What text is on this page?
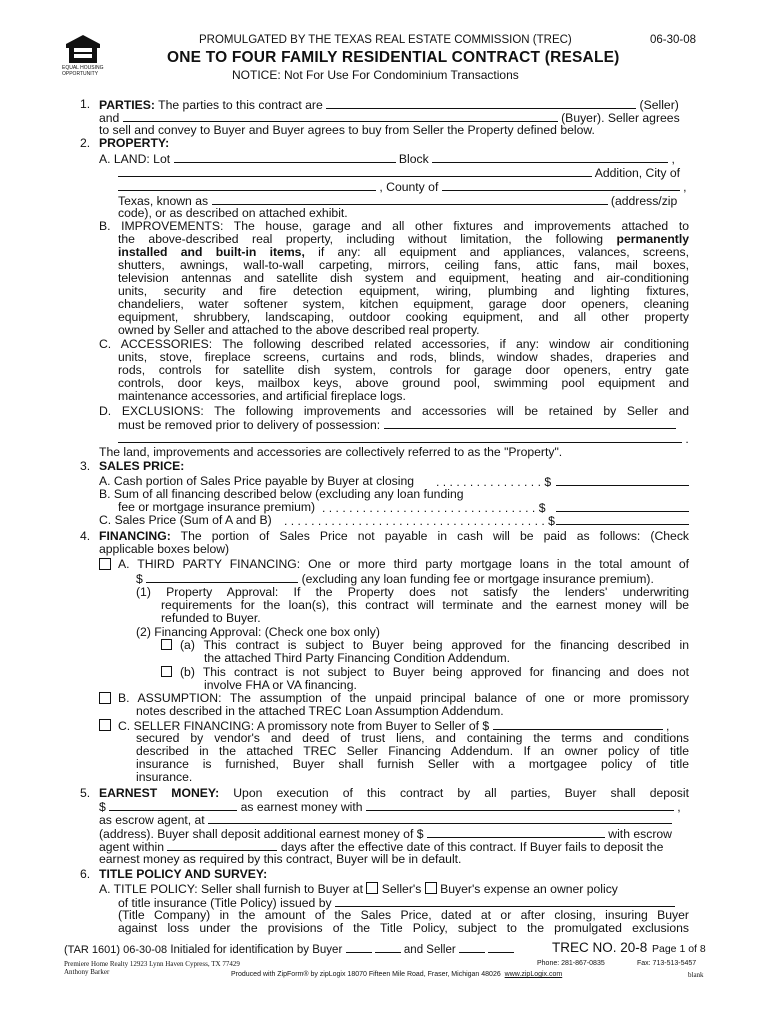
EQUAL HOUSING
OPPORTUNITY
PROMULGATED BY THE TEXAS REAL ESTATE COMMISSION (TREC)	06-30-08
ONE TO FOUR FAMILY RESIDENTIAL CONTRACT (RESALE)
NOTICE: Not For Use For Condominium Transactions
1. PARTIES: The parties to this contract are	(Seller)
and	(Buyer). Seller agrees
to sell and convey to Buyer and Buyer agrees to buy from Seller the Property defined below.
2. PROPERTY:
A. LAND: Lot	Block	,
Addition, City of
, County of	,
Texas, known as	(address/zip
code), or as described on attached exhibit.
B. IMPROVEMENTS: The house, garage and all other fixtures and improvements attached to
the above-described real property, including without limitation, the following permanently
installed and built-in items, if any: all equipment and appliances, valances, screens,
shutters, awnings, wall-to-wall carpeting, mirrors, ceiling fans, attic fans, mail boxes,
television antennas and satellite dish system and equipment, heating and air-conditioning
units, security and fire detection equipment, wiring, plumbing and lighting fixtures,
chandeliers, water softener system, kitchen equipment, garage door openers, cleaning
equipment, shrubbery, landscaping, outdoor cooking equipment, and all other property
owned by Seller and attached to the above described real property.
C. ACCESSORIES: The following described related accessories, if any: window air conditioning
units, stove, fireplace screens, curtains and rods, blinds, window shades, draperies and
rods, controls for satellite dish system, controls for garage door openers, entry gate
controls, door keys, mailbox keys, above ground pool, swimming pool equipment and
maintenance accessories, and artificial fireplace logs.
D. EXCLUSIONS: The following improvements and accessories will be retained by Seller and
must be removed prior to delivery of possession:
.
The land, improvements and accessories are collectively referred to as the "Property".
3. SALES PRICE:
A. Cash portion of Sales Price payable by Buyer at closing . . . . . . . . . . . . . . . . $
B. Sum of all financing described below (excluding any loan funding
fee or mortgage insurance premium) . . . . . . . . . . . . . . . . . . . . . . . . . . . . . . . . $
C. Sales Price (Sum of A and B) . . . . . . . . . . . . . . . . . . . . . . . . . . . . . . . . . . . . . . . $
4. FINANCING: The portion of Sales Price not payable in cash will be paid as follows: (Check
applicable boxes below)
A. THIRD PARTY FINANCING: One or more third party mortgage loans in the total amount of
$	(excluding any loan funding fee or mortgage insurance premium).
(1) Property Approval: If the Property does not satisfy the lenders' underwriting
requirements for the loan(s), this contract will terminate and the earnest money will be
refunded to Buyer.
(2) Financing Approval: (Check one box only)
(a) This contract is subject to Buyer being approved for the financing described in
the attached Third Party Financing Condition Addendum.
(b) This contract is not subject to Buyer being approved for financing and does not
involve FHA or VA financing.
B. ASSUMPTION: The assumption of the unpaid principal balance of one or more promissory
notes described in the attached TREC Loan Assumption Addendum.
C. SELLER FINANCING: A promissory note from Buyer to Seller of $	,
secured by vendor's and deed of trust liens, and containing the terms and conditions
described in the attached TREC Seller Financing Addendum. If an owner policy of title
insurance is furnished, Buyer shall furnish Seller with a mortgagee policy of title
insurance.
5. EARNEST MONEY: Upon execution of this contract by all parties, Buyer shall deposit
$	as earnest money with	,
as escrow agent, at
(address). Buyer shall deposit additional earnest money of $	with escrow
agent within	days after the effective date of this contract. If Buyer fails to deposit the
earnest money as required by this contract, Buyer will be in default.
6. TITLE POLICY AND SURVEY:
A. TITLE POLICY: Seller shall furnish to Buyer at Seller's Buyer's expense an owner policy
of title insurance (Title Policy) issued by
(Title Company) in the amount of the Sales Price, dated at or after closing, insuring Buyer
against loss under the provisions of the Title Policy, subject to the promulgated exclusions
(TAR 1601) 06-30-08 Initialed for identification by Buyer	and Seller	TREC NO. 20-8 Page 1 of 8
Premiere Home Realty 12923 Lynn Haven Cypress, TX 77429	Phone: 281-867-0835	Fax: 713-513-5457
Anthony Barker	Produced with ZipForm® by zipLogix 18070 Fifteen Mile Road, Fraser, Michigan 48026 www.zipLogix.com	blank
